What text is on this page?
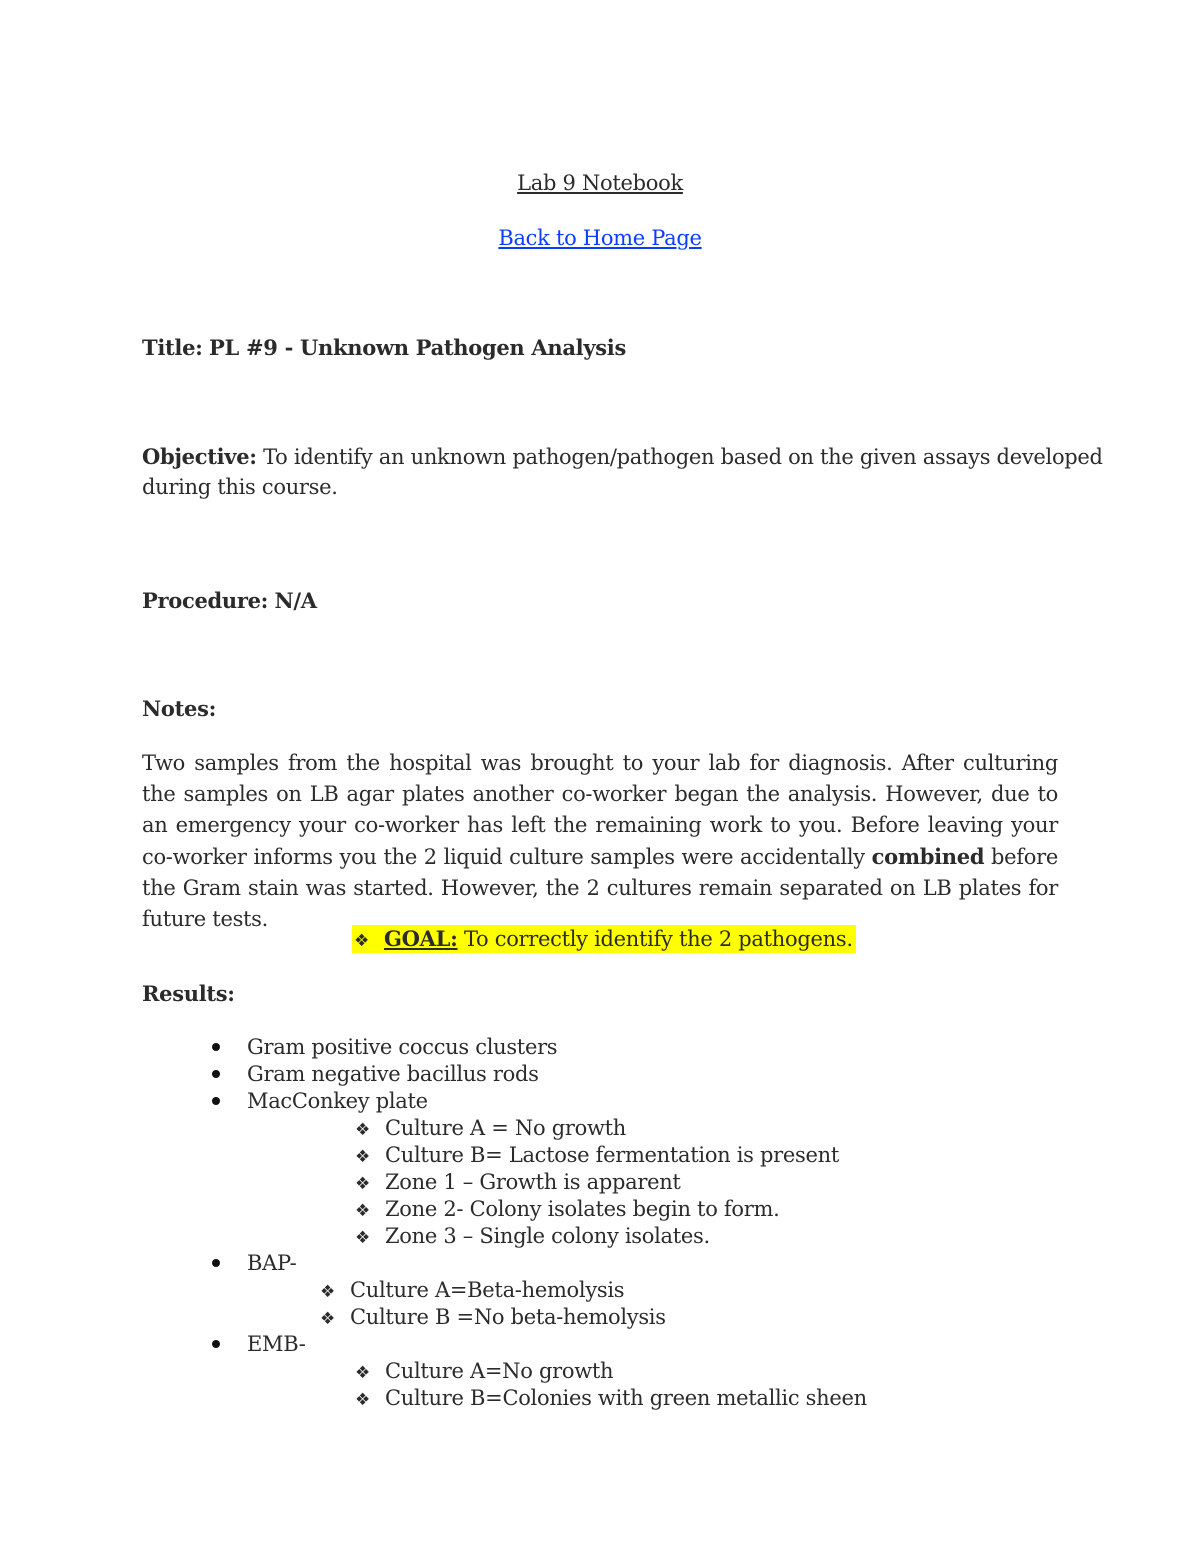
Lab 9 Notebook
Back to Home Page
Title: PL #9 - Unknown Pathogen Analysis
Objective: To identify an unknown pathogen/pathogen based on the given assays developed
during this course.
Procedure: N/A
Notes:
Two samples from the hospital was brought to your lab for diagnosis. After culturing the samples on LB agar plates another co-worker began the analysis. However, due to an emergency your co-worker has left the remaining work to you. Before leaving your co-worker informs you the 2 liquid culture samples were accidentally combined before the Gram stain was started. However, the 2 cultures remain separated on LB plates for future tests.
❖ GOAL: To correctly identify the 2 pathogens.
Results:
Gram positive coccus clusters
Gram negative bacillus rods
MacConkey plate
❖ Culture A = No growth
❖ Culture B= Lactose fermentation is present
❖ Zone 1 – Growth is apparent
❖ Zone 2- Colony isolates begin to form.
❖ Zone 3 – Single colony isolates.
BAP-
❖ Culture A=Beta-hemolysis
❖ Culture B =No beta-hemolysis
EMB-
❖ Culture A=No growth
❖ Culture B=Colonies with green metallic sheen
